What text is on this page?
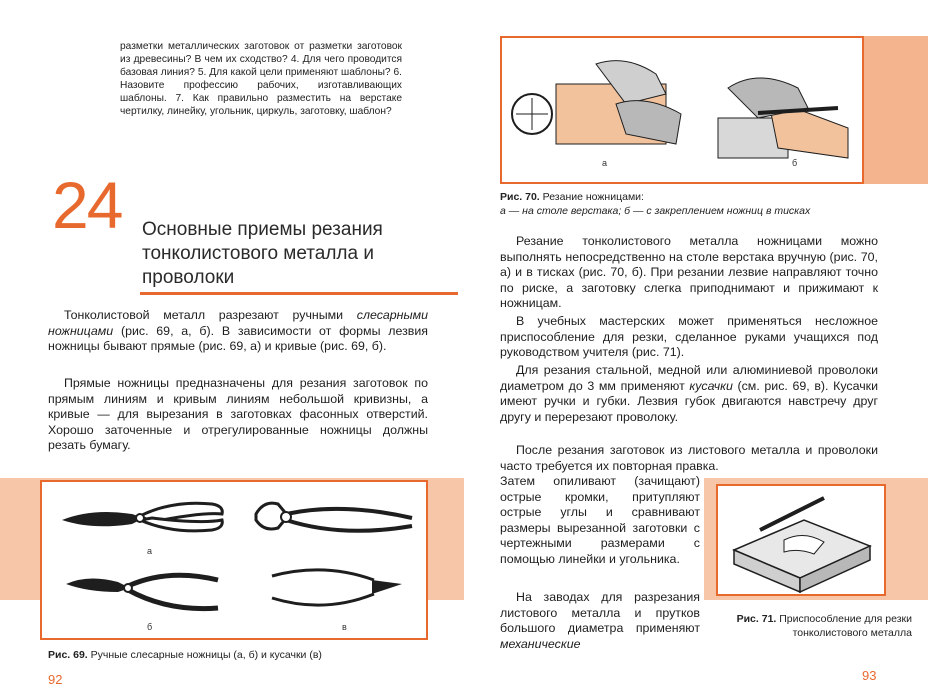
разметки металлических заготовок от разметки заготовок из древесины? В чем их сходство? 4. Для чего проводится базовая линия? 5. Для какой цели применяют шаблоны? 6. Назовите профессию рабочих, изготавливающих шаблоны. 7. Как правильно разместить на верстаке чертилку, линейку, угольник, циркуль, заготовку, шаблон?
24 Основные приемы резания тонколистового металла и проволоки
Тонколистовой металл разрезают ручными слесарными ножницами (рис. 69, а, б). В зависимости от формы лезвия ножницы бывают прямые (рис. 69, а) и кривые (рис. 69, б).
Прямые ножницы предназначены для резания заготовок по прямым линиям и кривым линиям небольшой кривизны, а кривые — для вырезания в заготовках фасонных отверстий. Хорошо заточенные и отрегулированные ножницы должны резать бумагу.
а
б	в
Рис. 69. Ручные слесарные ножницы (а, б) и кусачки (в)
92
а	б
Рис. 70. Резание ножницами:
а — на столе верстака; б — с закреплением ножниц в тисках
Резание тонколистового металла ножницами можно выполнять непосредственно на столе верстака вручную (рис. 70, а) и в тисках (рис. 70, б). При резании лезвие направляют точно по риске, а заготовку слегка приподнимают и прижимают к ножницам.
В учебных мастерских может применяться несложное приспособление для резки, сделанное руками учащихся под руководством учителя (рис. 71).
Для резания стальной, медной или алюминиевой проволоки диаметром до 3 мм применяют кусачки (см. рис. 69, в). Кусачки имеют ручки и губки. Лезвия губок двигаются навстречу друг другу и перерезают проволоку.
После резания заготовок из листового металла и проволоки часто требуется их повторная правка.
Затем опиливают (зачищают) острые кромки, притупляют острые углы и сравнивают размеры вырезанной заготовки с чертежными размерами с помощью линейки и угольника.
На заводах для разрезания листового металла и прутков большого диаметра применяют механические
Рис. 71. Приспособление для резки тонколистового металла
93
